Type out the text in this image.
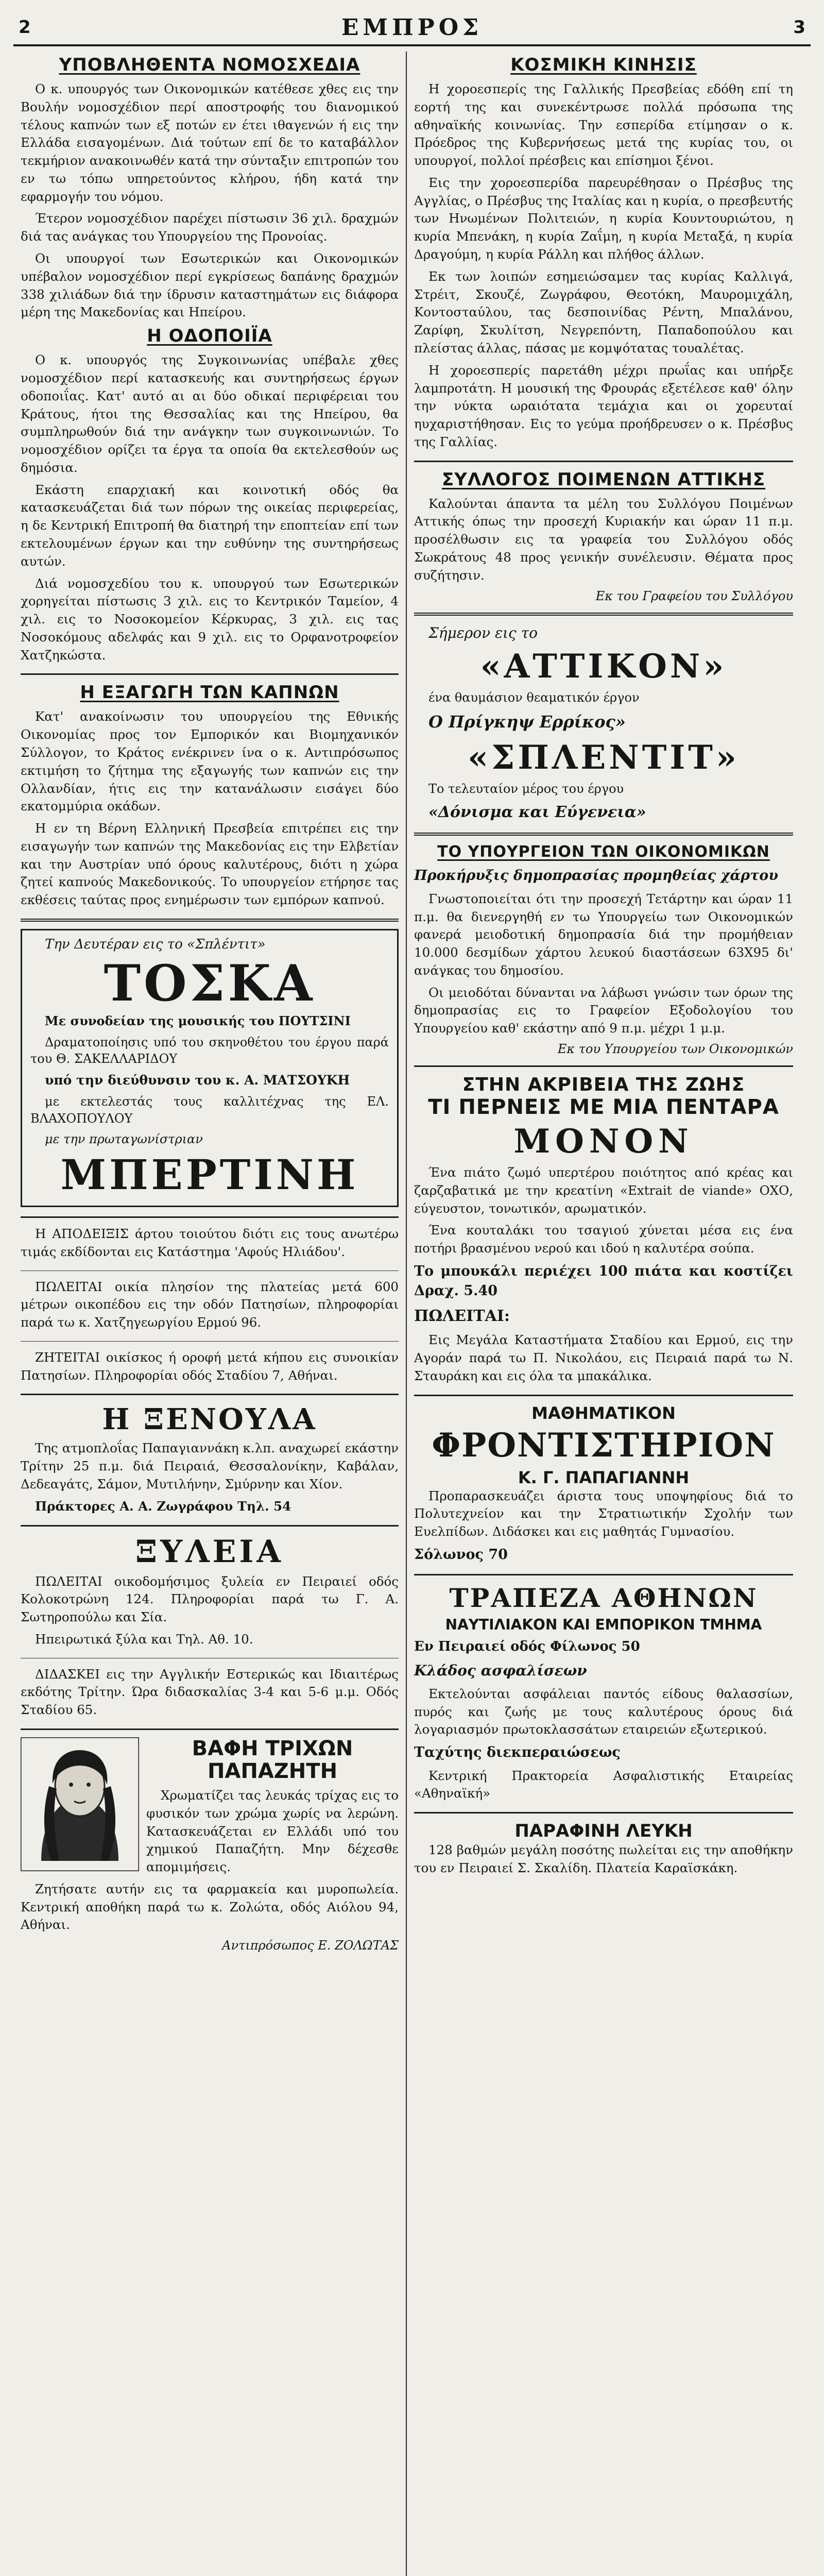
2	ΕΜΠΡΟΣ	3
ΥΠΟΒΛΗΘΕΝΤΑ ΝΟΜΟΣΧΕΔΙΑ

Ο κ. υπουργός των Οικονομικών κατέθεσε χθες εις την Βουλήν νομοσχέδιον περί αποστροφής του διανομικού τέλους καπνών των εξ ποτών εν έτει ιθαγενών ή εις την Ελλάδα εισαγομένων. Διά τούτων επί δε το καταβάλλον τεκμήριον ανακοινωθέν κατά την σύνταξιν επιτροπών του εν τω τόπω υπηρετούντος κλήρου, ήδη κατά την εφαρμογήν του νόμου.

Έτερον νομοσχέδιον παρέχει πίστωσιν 36 χιλ. δραχμών διά τας ανάγκας του Υπουργείου της Προνοίας.

Οι υπουργοί των Εσωτερικών και Οικονομικών υπέβαλον νομοσχέδιον περί εγκρίσεως δαπάνης δραχμών 338 χιλιάδων διά την ίδρυσιν καταστημάτων εις διάφορα μέρη της Μακεδονίας και Ηπείρου.

Η ΟΔΟΠΟΙΪΑ

Ο κ. υπουργός της Συγκοινωνίας υπέβαλε χθες νομοσχέδιον περί κατασκευής και συντηρήσεως έργων οδοποιΐας. Κατ' αυτό αι αι δύο οδικαί περιφέρειαι του Κράτους, ήτοι της Θεσσαλίας και της Ηπείρου, θα συμπληρωθούν διά την ανάγκην των συγκοινωνιών. Το νομοσχέδιον ορίζει τα έργα τα οποία θα εκτελεσθούν ως δημόσια.

Εκάστη επαρχιακή και κοινοτική οδός θα κατασκευάζεται διά των πόρων της οικείας περιφερείας, η δε Κεντρική Επιτροπή θα διατηρή την εποπτείαν επί των εκτελουμένων έργων και την ευθύνην της συντηρήσεως αυτών.

Διά νομοσχεδίου του κ. υπουργού των Εσωτερικών χορηγείται πίστωσις 3 χιλ. εις το Κεντρικόν Ταμείον, 4 χιλ. εις το Νοσοκομείον Κέρκυρας, 3 χιλ. εις τας Νοσοκόμους αδελφάς και 9 χιλ. εις το Ορφανοτροφείον Χατζηκώστα.

Η ΕΞΑΓΩΓΗ ΤΩΝ ΚΑΠΝΩΝ

Κατ' ανακοίνωσιν του υπουργείου της Εθνικής Οικονομίας προς τον Εμπορικόν και Βιομηχανικόν Σύλλογον, το Κράτος ενέκρινεν ίνα ο κ. Αντιπρόσωπος εκτιμήση το ζήτημα της εξαγωγής των καπνών εις την Ολλανδίαν, ήτις εις την κατανάλωσιν εισάγει δύο εκατομμύρια οκάδων.

Η εν τη Βέρνη Ελληνική Πρεσβεία επιτρέπει εις την εισαγωγήν των καπνών της Μακεδονίας εις την Ελβετίαν και την Αυστρίαν υπό όρους καλυτέρους, διότι η χώρα ζητεί καπνούς Μακεδονικούς. Το υπουργείον ετήρησε τας εκθέσεις ταύτας προς ενημέρωσιν των εμπόρων καπνού.

Την Δευτέραν εις το «Σπλέντιτ»

ΤΟΣΚΑ

Με συνοδείαν της μουσικής του ΠΟΥΤΣΙΝΙ

Δραματοποίησις υπό του σκηνοθέτου του έργου παρά του Θ. ΣΑΚΕΛΛΑΡΙΔΟΥ

υπό την διεύθυνσιν του κ. Α. ΜΑΤΣΟΥΚΗ

με εκτελεστάς τους καλλιτέχνας της ΕΛ. ΒΛΑΧΟΠΟΥΛΟΥ

με την πρωταγωνίστριαν

ΜΠΕΡΤΙΝΗ

Η ΑΠΟΔΕΙΞΙΣ άρτου τοιούτου διότι εις τους ανωτέρω τιμάς εκδίδονται εις Κατάστημα 'Αφούς Ηλιάδου'.

ΠΩΛΕΙΤΑΙ οικία πλησίον της πλατείας μετά 600 μέτρων οικοπέδου εις την οδόν Πατησίων, πληροφορίαι παρά τω κ. Χατζηγεωργίου Ερμού 96.

ΖΗΤΕΙΤΑΙ οικίσκος ή οροφή μετά κήπου εις συνοικίαν Πατησίων. Πληροφορίαι οδός Σταδίου 7, Αθήναι.

Η ΞΕΝΟΥΛΑ

Της ατμοπλοΐας Παπαγιαννάκη κ.λπ. αναχωρεί εκάστην Τρίτην 25 π.μ. διά Πειραιά, Θεσσαλονίκην, Καβάλαν, Δεδεαγάτς, Σάμον, Μυτιλήνην, Σμύρνην και Χίον.

Πράκτορες Α. Α. Ζωγράφου Τηλ. 54

ΞΥΛΕΙΑ

ΠΩΛΕΙΤΑΙ οικοδομήσιμος ξυλεία εν Πειραιεί οδός Κολοκοτρώνη 124. Πληροφορίαι παρά τω Γ. Α. Σωτηροπούλω και Σία.

Ηπειρωτικά ξύλα και Τηλ. Αθ. 10.

ΔΙΔΑΣΚΕΙ εις την Αγγλικήν Εστερικώς και Ιδιαιτέρως εκδότης Τρίτην. Ώρα διδασκαλίας 3-4 και 5-6 μ.μ. Οδός Σταδίου 65.

ΒΑΦΗ ΤΡΙΧΩΝ ΠΑΠΑΖΗΤΗ

Χρωματίζει τας λευκάς τρίχας εις το φυσικόν των χρώμα χωρίς να λερώνη. Κατασκευάζεται εν Ελλάδι υπό του χημικού Παπαζήτη. Μην δέχεσθε απομιμήσεις.

Ζητήσατε αυτήν εις τα φαρμακεία και μυροπωλεία. Κεντρική αποθήκη παρά τω κ. Ζολώτα, οδός Αιόλου 94, Αθήναι.

Αντιπρόσωπος Ε. ΖΟΛΩΤΑΣ

ΚΟΣΜΙΚΗ ΚΙΝΗΣΙΣ

Η χοροεσπερίς της Γαλλικής Πρεσβείας εδόθη επί τη εορτή της και συνεκέντρωσε πολλά πρόσωπα της αθηναϊκής κοινωνίας. Την εσπερίδα ετίμησαν ο κ. Πρόεδρος της Κυβερνήσεως μετά της κυρίας του, οι υπουργοί, πολλοί πρέσβεις και επίσημοι ξένοι.

Εις την χοροεσπερίδα παρευρέθησαν ο Πρέσβυς της Αγγλίας, ο Πρέσβυς της Ιταλίας και η κυρία, ο πρεσβευτής των Ηνωμένων Πολιτειών, η κυρία Κουντουριώτου, η κυρία Μπενάκη, η κυρία Ζαΐμη, η κυρία Μεταξά, η κυρία Δραγούμη, η κυρία Ράλλη και πλήθος άλλων.

Εκ των λοιπών εσημειώσαμεν τας κυρίας Καλλιγά, Στρέιτ, Σκουζέ, Ζωγράφου, Θεοτόκη, Μαυρομιχάλη, Κοντοσταύλου, τας δεσποινίδας Ρέντη, Μπαλάνου, Ζαρίφη, Σκυλίτση, Νεγρεπόντη, Παπαδοπούλου και πλείστας άλλας, πάσας με κομψότατας τουαλέτας.

Η χοροεσπερίς παρετάθη μέχρι πρωΐας και υπήρξε λαμπροτάτη. Η μουσική της Φρουράς εξετέλεσε καθ' όλην την νύκτα ωραιότατα τεμάχια και οι χορευταί ηυχαριστήθησαν. Εις το γεύμα προήδρευσεν ο κ. Πρέσβυς της Γαλλίας.

ΣΥΛΛΟΓΟΣ ΠΟΙΜΕΝΩΝ ΑΤΤΙΚΗΣ

Καλούνται άπαντα τα μέλη του Συλλόγου Ποιμένων Αττικής όπως την προσεχή Κυριακήν και ώραν 11 π.μ. προσέλθωσιν εις τα γραφεία του Συλλόγου οδός Σωκράτους 48 προς γενικήν συνέλευσιν. Θέματα προς συζήτησιν.

Εκ του Γραφείου του Συλλόγου

Σήμερον εις το

«ΑΤΤΙΚΟΝ»

ένα θαυμάσιον θεαματικόν έργον

Ο Πρίγκηψ Ερρίκος»

«ΣΠΛΕΝΤΙΤ»

Το τελευταίον μέρος του έργου

«Δόνισμα και Εύγενεια»

ΤΟ ΥΠΟΥΡΓΕΙΟΝ ΤΩΝ ΟΙΚΟΝΟΜΙΚΩΝ

Προκήρυξις δημοπρασίας προμηθείας χάρτου

Γνωστοποιείται ότι την προσεχή Τετάρτην και ώραν 11 π.μ. θα διενεργηθή εν τω Υπουργείω των Οικονομικών φανερά μειοδοτική δημοπρασία διά την προμήθειαν 10.000 δεσμίδων χάρτου λευκού διαστάσεων 63Χ95 δι' ανάγκας του δημοσίου.

Οι μειοδόται δύνανται να λάβωσι γνώσιν των όρων της δημοπρασίας εις το Γραφείον Εξοδολογίου του Υπουργείου καθ' εκάστην από 9 π.μ. μέχρι 1 μ.μ.

Εκ του Υπουργείου των Οικονομικών

ΣΤΗΝ ΑΚΡΙΒΕΙΑ ΤΗΣ ΖΩΗΣ
ΤΙ ΠΕΡΝΕΙΣ ΜΕ ΜΙΑ ΠΕΝΤΑΡΑ
ΜΟΝΟΝ

Ένα πιάτο ζωμό υπερτέρου ποιότητος από κρέας και ζαρζαβατικά με την κρεατίνη «Extrait de viande» ΟΧΟ, εύγευστον, τονωτικόν, αρωματικόν.

Ένα κουταλάκι του τσαγιού χύνεται μέσα εις ένα ποτήρι βρασμένου νερού και ιδού η καλυτέρα σούπα.

Το μπουκάλι περιέχει 100 πιάτα και κοστίζει Δραχ. 5.40

ΠΩΛΕΙΤΑΙ:

Εις Μεγάλα Καταστήματα Σταδίου και Ερμού, εις την Αγοράν παρά τω Π. Νικολάου, εις Πειραιά παρά τω Ν. Σταυράκη και εις όλα τα μπακάλικα.

ΜΑΘΗΜΑΤΙΚΟΝ
ΦΡΟΝΤΙΣΤΗΡΙΟΝ
Κ. Γ. ΠΑΠΑΓΙΑΝΝΗ

Προπαρασκευάζει άριστα τους υποψηφίους διά το Πολυτεχνείον και την Στρατιωτικήν Σχολήν των Ευελπίδων. Διδάσκει και εις μαθητάς Γυμνασίου.

Σόλωνος 70

ΤΡΑΠΕΖΑ ΑΘΗΝΩΝ
ΝΑΥΤΙΛΙΑΚΟΝ ΚΑΙ ΕΜΠΟΡΙΚΟΝ ΤΜΗΜΑ

Εν Πειραιεί οδός Φίλωνος 50

Κλάδος ασφαλίσεων

Εκτελούνται ασφάλειαι παντός είδους θαλασσίων, πυρός και ζωής με τους καλυτέρους όρους διά λογαριασμόν πρωτοκλασσάτων εταιρειών εξωτερικού.

Ταχύτης διεκπεραιώσεως

Κεντρική Πρακτορεία Ασφαλιστικής Εταιρείας «Αθηναϊκή»

ΠΑΡΑΦΙΝΗ ΛΕΥΚΗ

128 βαθμών μεγάλη ποσότης πωλείται εις την αποθήκην του εν Πειραιεί Σ. Σκαλίδη. Πλατεία Καραϊσκάκη.
